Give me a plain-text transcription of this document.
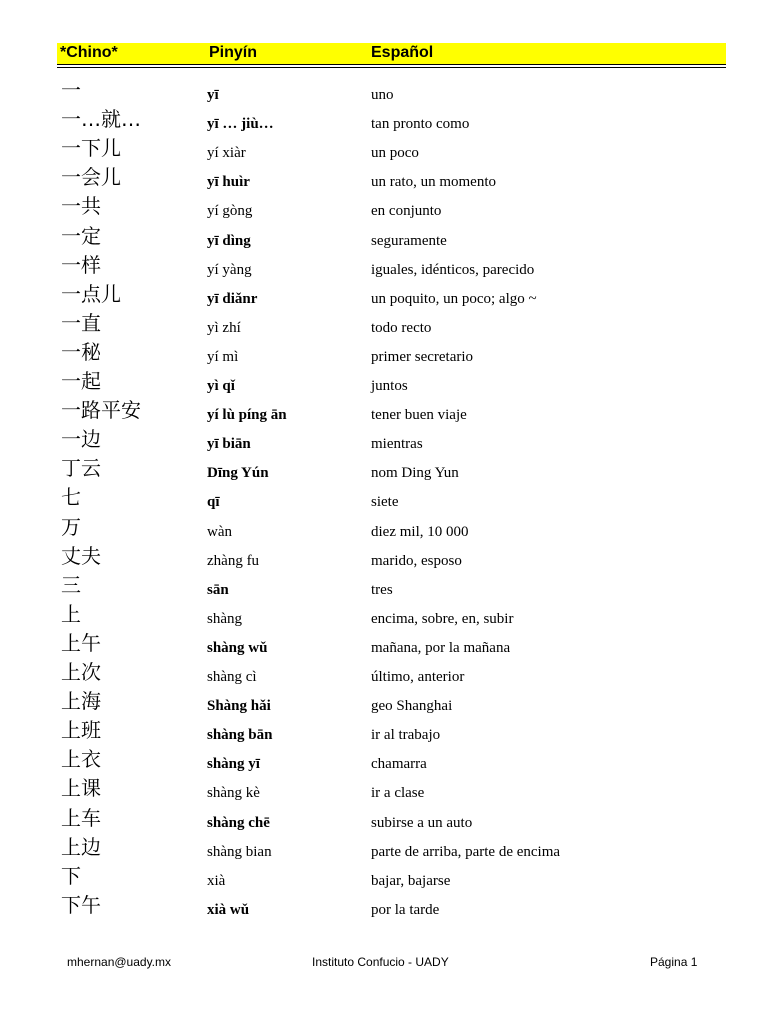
*Chino*	Pinyín	Español
一	yī	uno
一…就…	yī … jiù…	tan pronto como
一下儿	yí xiàr	un poco
一会儿	yī huìr	un rato, un momento
一共	yí gòng	en conjunto
一定	yī dìng	seguramente
一样	yí yàng	iguales, idénticos, parecido
一点儿	yī diǎnr	un poquito, un poco; algo ~
一直	yì zhí	todo recto
一秘	yí mì	primer secretario
一起	yì qǐ	juntos
一路平安	yí lù píng ān	tener buen viaje
一边	yī biān	mientras
丁云	Dīng Yún	nom Ding Yun
七	qī	siete
万	wàn	diez mil, 10 000
丈夫	zhàng fu	marido, esposo
三	sān	tres
上	shàng	encima, sobre, en, subir
上午	shàng wǔ	mañana, por la mañana
上次	shàng cì	último, anterior
上海	Shàng hǎi	geo Shanghai
上班	shàng bān	ir al trabajo
上衣	shàng yī	chamarra
上课	shàng kè	ir a clase
上车	shàng chē	subirse a un auto
上边	shàng bian	parte de arriba, parte de encima
下	xià	bajar, bajarse
下午	xià wǔ	por la tarde
mhernan@uady.mx	Instituto Confucio - UADY	Página 1
